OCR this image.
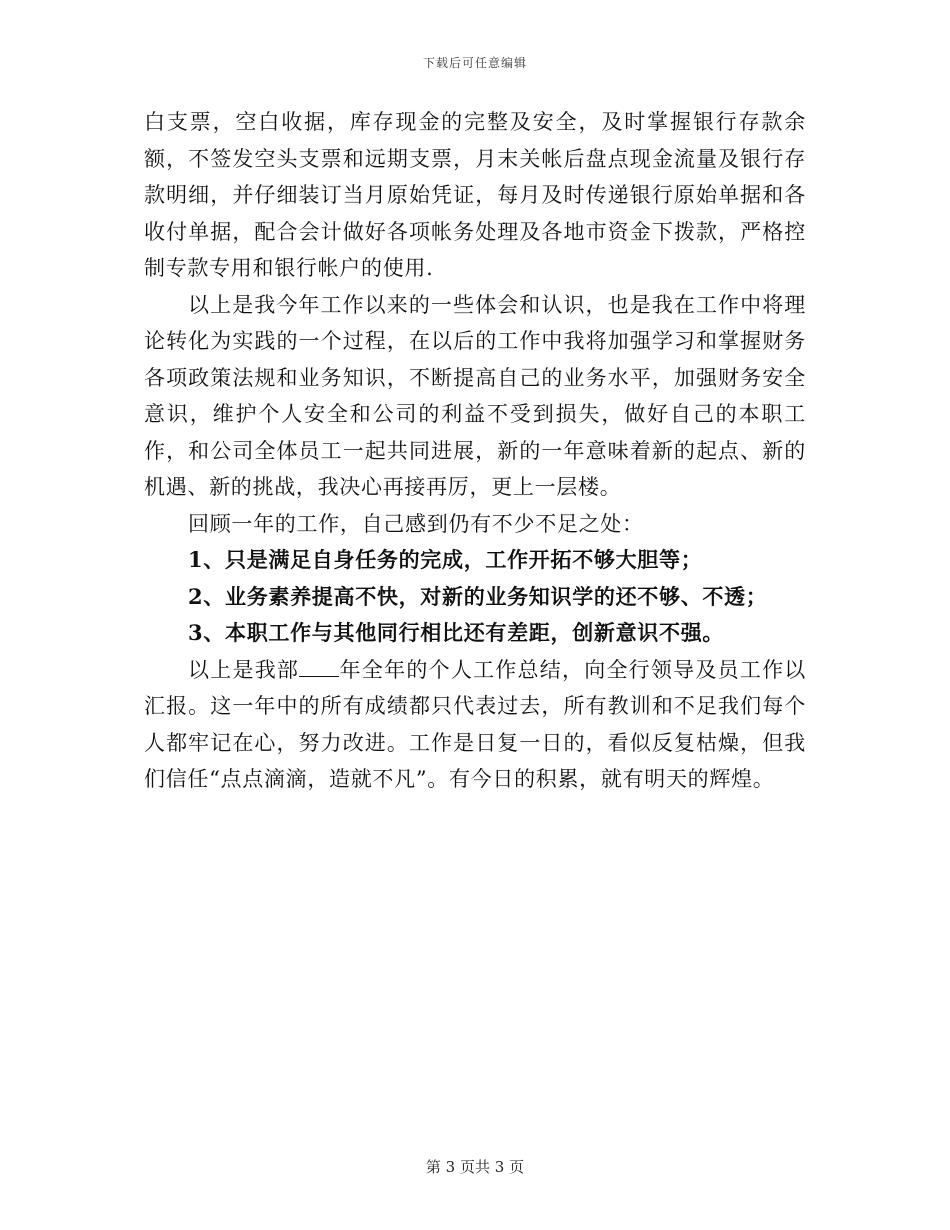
下载后可任意编辑

白支票，空白收据，库存现金的完整及安全，及时掌握银行存款余额，不签发空头支票和远期支票，月末关帐后盘点现金流量及银行存款明细，并仔细装订当月原始凭证，每月及时传递银行原始单据和各收付单据，配合会计做好各项帐务处理及各地市资金下拨款，严格控制专款专用和银行帐户的使用.

以上是我今年工作以来的一些体会和认识，也是我在工作中将理论转化为实践的一个过程，在以后的工作中我将加强学习和掌握财务各项政策法规和业务知识，不断提高自己的业务水平，加强财务安全意识，维护个人安全和公司的利益不受到损失，做好自己的本职工作，和公司全体员工一起共同进展，新的一年意味着新的起点、新的机遇、新的挑战，我决心再接再厉，更上一层楼。

回顾一年的工作，自己感到仍有不少不足之处：

1、只是满足自身任务的完成，工作开拓不够大胆等；

2、业务素养提高不快，对新的业务知识学的还不够、不透；

3、本职工作与其他同行相比还有差距，创新意识不强。

以上是我部 年全年的个人工作总结，向全行领导及员工作以汇报。这一年中的所有成绩都只代表过去，所有教训和不足我们每个人都牢记在心，努力改进。工作是日复一日的，看似反复枯燥，但我们信任“点点滴滴，造就不凡”。有今日的积累，就有明天的辉煌。

第 3 页共 3 页
